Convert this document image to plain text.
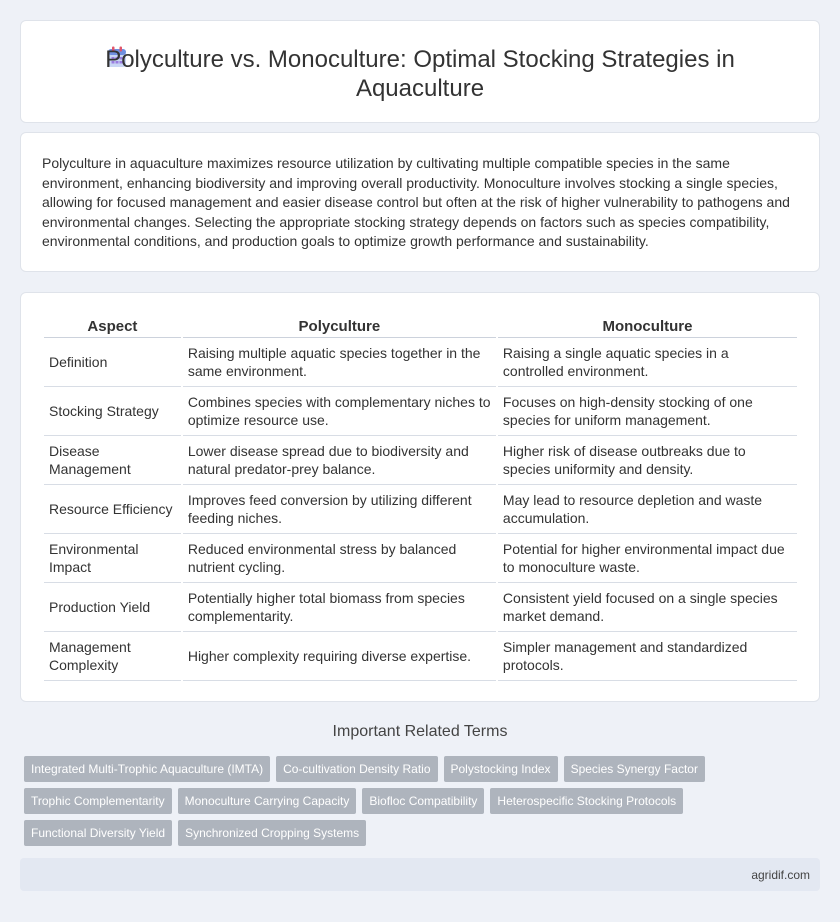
Polyculture vs. Monoculture: Optimal Stocking Strategies in Aquaculture

Polyculture in aquaculture maximizes resource utilization by cultivating multiple compatible species in the same environment, enhancing biodiversity and improving overall productivity. Monoculture involves stocking a single species, allowing for focused management and easier disease control but often at the risk of higher vulnerability to pathogens and environmental changes. Selecting the appropriate stocking strategy depends on factors such as species compatibility, environmental conditions, and production goals to optimize growth performance and sustainability.

Aspect	Polyculture	Monoculture
Definition	Raising multiple aquatic species together in the same environment.	Raising a single aquatic species in a controlled environment.
Stocking Strategy	Combines species with complementary niches to optimize resource use.	Focuses on high-density stocking of one species for uniform management.
Disease Management	Lower disease spread due to biodiversity and natural predator-prey balance.	Higher risk of disease outbreaks due to species uniformity and density.
Resource Efficiency	Improves feed conversion by utilizing different feeding niches.	May lead to resource depletion and waste accumulation.
Environmental Impact	Reduced environmental stress by balanced nutrient cycling.	Potential for higher environmental impact due to monoculture waste.
Production Yield	Potentially higher total biomass from species complementarity.	Consistent yield focused on a single species market demand.
Management Complexity	Higher complexity requiring diverse expertise.	Simpler management and standardized protocols.
Important Related Terms
Integrated Multi-Trophic Aquaculture (IMTA)	Co-cultivation Density Ratio	Polystocking Index	Species Synergy Factor
Trophic Complementarity	Monoculture Carrying Capacity	Biofloc Compatibility	Heterospecific Stocking Protocols
Functional Diversity Yield	Synchronized Cropping Systems
agridif.com
